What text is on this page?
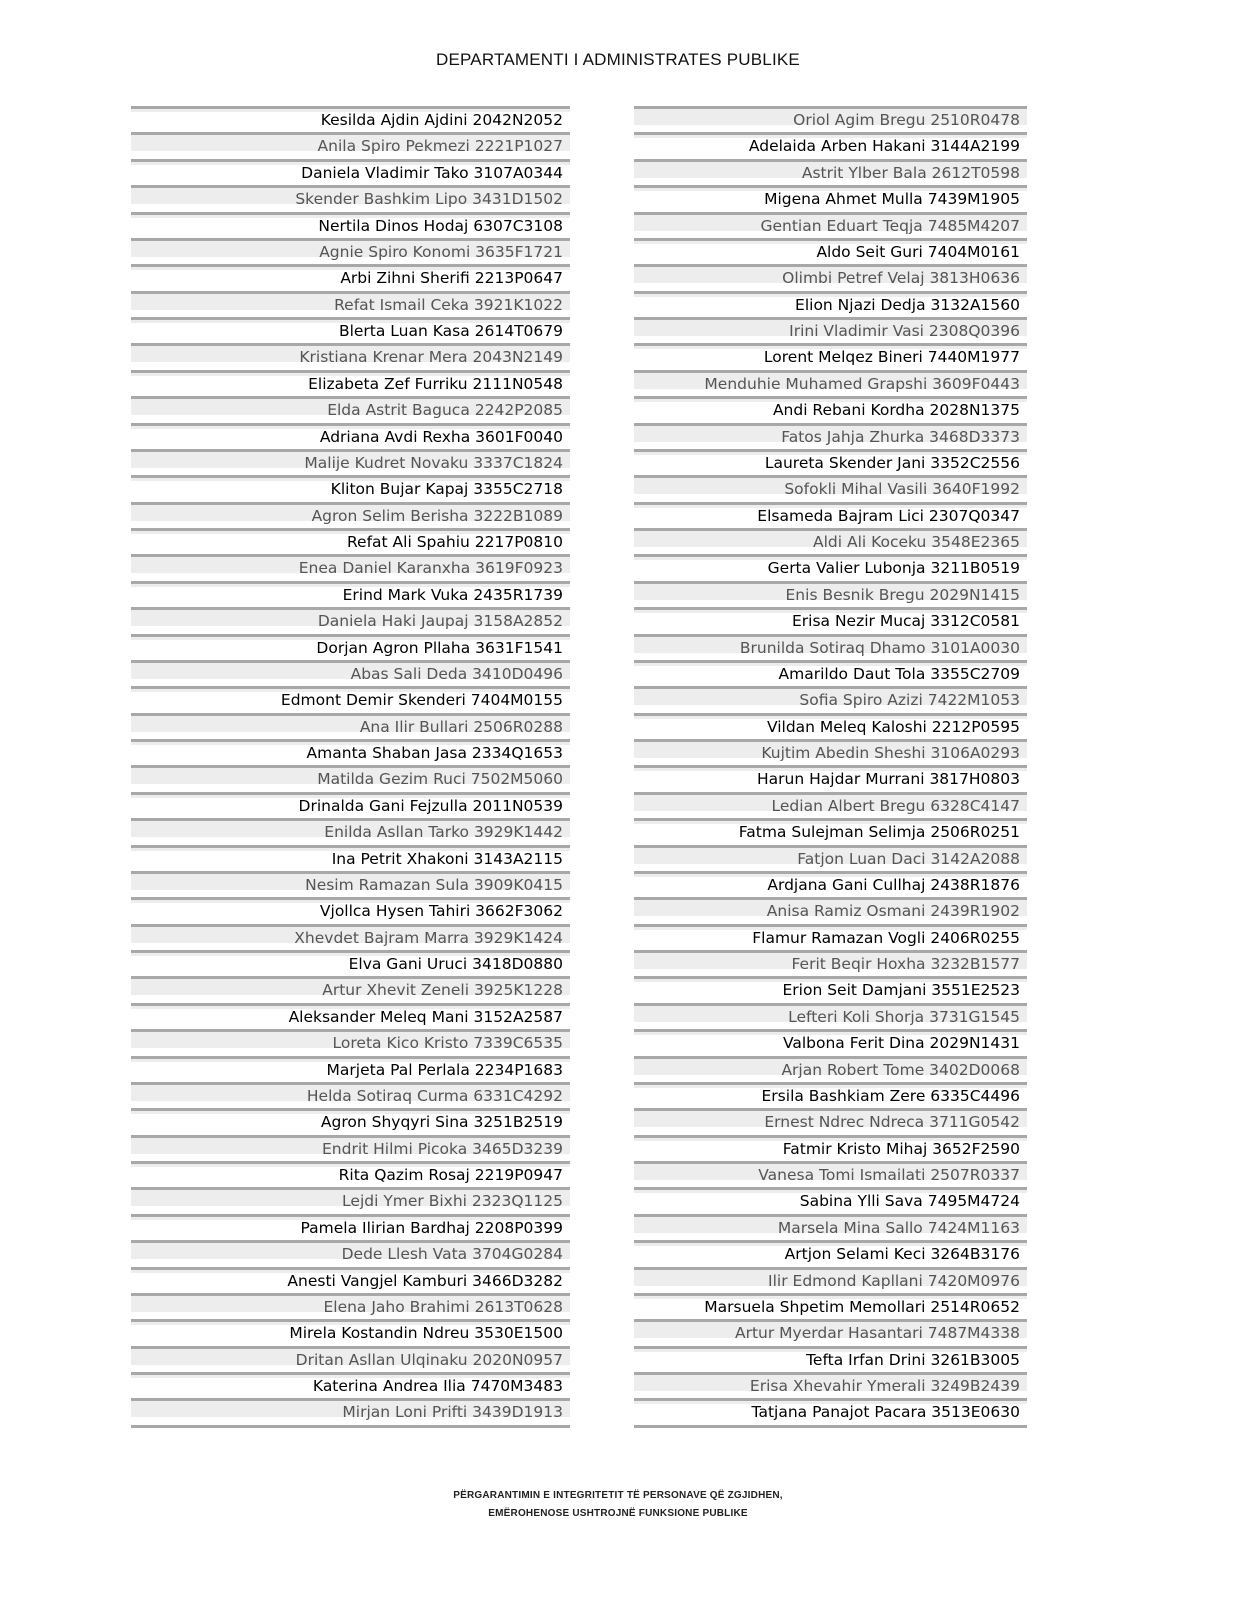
DEPARTAMENTI I ADMINISTRATES PUBLIKE
Kesilda Ajdin Ajdini 2042N2052
Anila Spiro Pekmezi 2221P1027
Daniela Vladimir Tako 3107A0344
Skender Bashkim Lipo 3431D1502
Nertila Dinos Hodaj 6307C3108
Agnie Spiro Konomi 3635F1721
Arbi Zihni Sherifi 2213P0647
Refat Ismail Ceka 3921K1022
Blerta Luan Kasa 2614T0679
Kristiana Krenar Mera 2043N2149
Elizabeta Zef Furriku 2111N0548
Elda Astrit Baguca 2242P2085
Adriana Avdi Rexha 3601F0040
Malije Kudret Novaku 3337C1824
Kliton Bujar Kapaj 3355C2718
Agron Selim Berisha 3222B1089
Refat Ali Spahiu 2217P0810
Enea Daniel Karanxha 3619F0923
Erind Mark Vuka 2435R1739
Daniela Haki Jaupaj 3158A2852
Dorjan Agron Pllaha 3631F1541
Abas Sali Deda 3410D0496
Edmont Demir Skenderi 7404M0155
Ana Ilir Bullari 2506R0288
Amanta Shaban Jasa 2334Q1653
Matilda Gezim Ruci 7502M5060
Drinalda Gani Fejzulla 2011N0539
Enilda Asllan Tarko 3929K1442
Ina Petrit Xhakoni 3143A2115
Nesim Ramazan Sula 3909K0415
Vjollca Hysen Tahiri 3662F3062
Xhevdet Bajram Marra 3929K1424
Elva Gani Uruci 3418D0880
Artur Xhevit Zeneli 3925K1228
Aleksander Meleq Mani 3152A2587
Loreta Kico Kristo 7339C6535
Marjeta Pal Perlala 2234P1683
Helda Sotiraq Curma 6331C4292
Agron Shyqyri Sina 3251B2519
Endrit Hilmi Picoka 3465D3239
Rita Qazim Rosaj 2219P0947
Lejdi Ymer Bixhi 2323Q1125
Pamela Ilirian Bardhaj 2208P0399
Dede Llesh Vata 3704G0284
Anesti Vangjel Kamburi 3466D3282
Elena Jaho Brahimi 2613T0628
Mirela Kostandin Ndreu 3530E1500
Dritan Asllan Ulqinaku 2020N0957
Katerina Andrea Ilia 7470M3483
Mirjan Loni Prifti 3439D1913
Oriol Agim Bregu 2510R0478
Adelaida Arben Hakani 3144A2199
Astrit Ylber Bala 2612T0598
Migena Ahmet Mulla 7439M1905
Gentian Eduart Teqja 7485M4207
Aldo Seit Guri 7404M0161
Olimbi Petref Velaj 3813H0636
Elion Njazi Dedja 3132A1560
Irini Vladimir Vasi 2308Q0396
Lorent Melqez Bineri 7440M1977
Menduhie Muhamed Grapshi 3609F0443
Andi Rebani Kordha 2028N1375
Fatos Jahja Zhurka 3468D3373
Laureta Skender Jani 3352C2556
Sofokli Mihal Vasili 3640F1992
Elsameda Bajram Lici 2307Q0347
Aldi Ali Koceku 3548E2365
Gerta Valier Lubonja 3211B0519
Enis Besnik Bregu 2029N1415
Erisa Nezir Mucaj 3312C0581
Brunilda Sotiraq Dhamo 3101A0030
Amarildo Daut Tola 3355C2709
Sofia Spiro Azizi 7422M1053
Vildan Meleq Kaloshi 2212P0595
Kujtim Abedin Sheshi 3106A0293
Harun Hajdar Murrani 3817H0803
Ledian Albert Bregu 6328C4147
Fatma Sulejman Selimja 2506R0251
Fatjon Luan Daci 3142A2088
Ardjana Gani Cullhaj 2438R1876
Anisa Ramiz Osmani 2439R1902
Flamur Ramazan Vogli 2406R0255
Ferit Beqir Hoxha 3232B1577
Erion Seit Damjani 3551E2523
Lefteri Koli Shorja 3731G1545
Valbona Ferit Dina 2029N1431
Arjan Robert Tome 3402D0068
Ersila Bashkiam Zere 6335C4496
Ernest Ndrec Ndreca 3711G0542
Fatmir Kristo Mihaj 3652F2590
Vanesa Tomi Ismailati 2507R0337
Sabina Ylli Sava 7495M4724
Marsela Mina Sallo 7424M1163
Artjon Selami Keci 3264B3176
Ilir Edmond Kapllani 7420M0976
Marsuela Shpetim Memollari 2514R0652
Artur Myerdar Hasantari 7487M4338
Tefta Irfan Drini 3261B3005
Erisa Xhevahir Ymerali 3249B2439
Tatjana Panajot Pacara 3513E0630
PËRGARANTIMIN E INTEGRITETIT TË PERSONAVE QË ZGJIDHEN,
EMËROHENOSE USHTROJNË FUNKSIONE PUBLIKE
